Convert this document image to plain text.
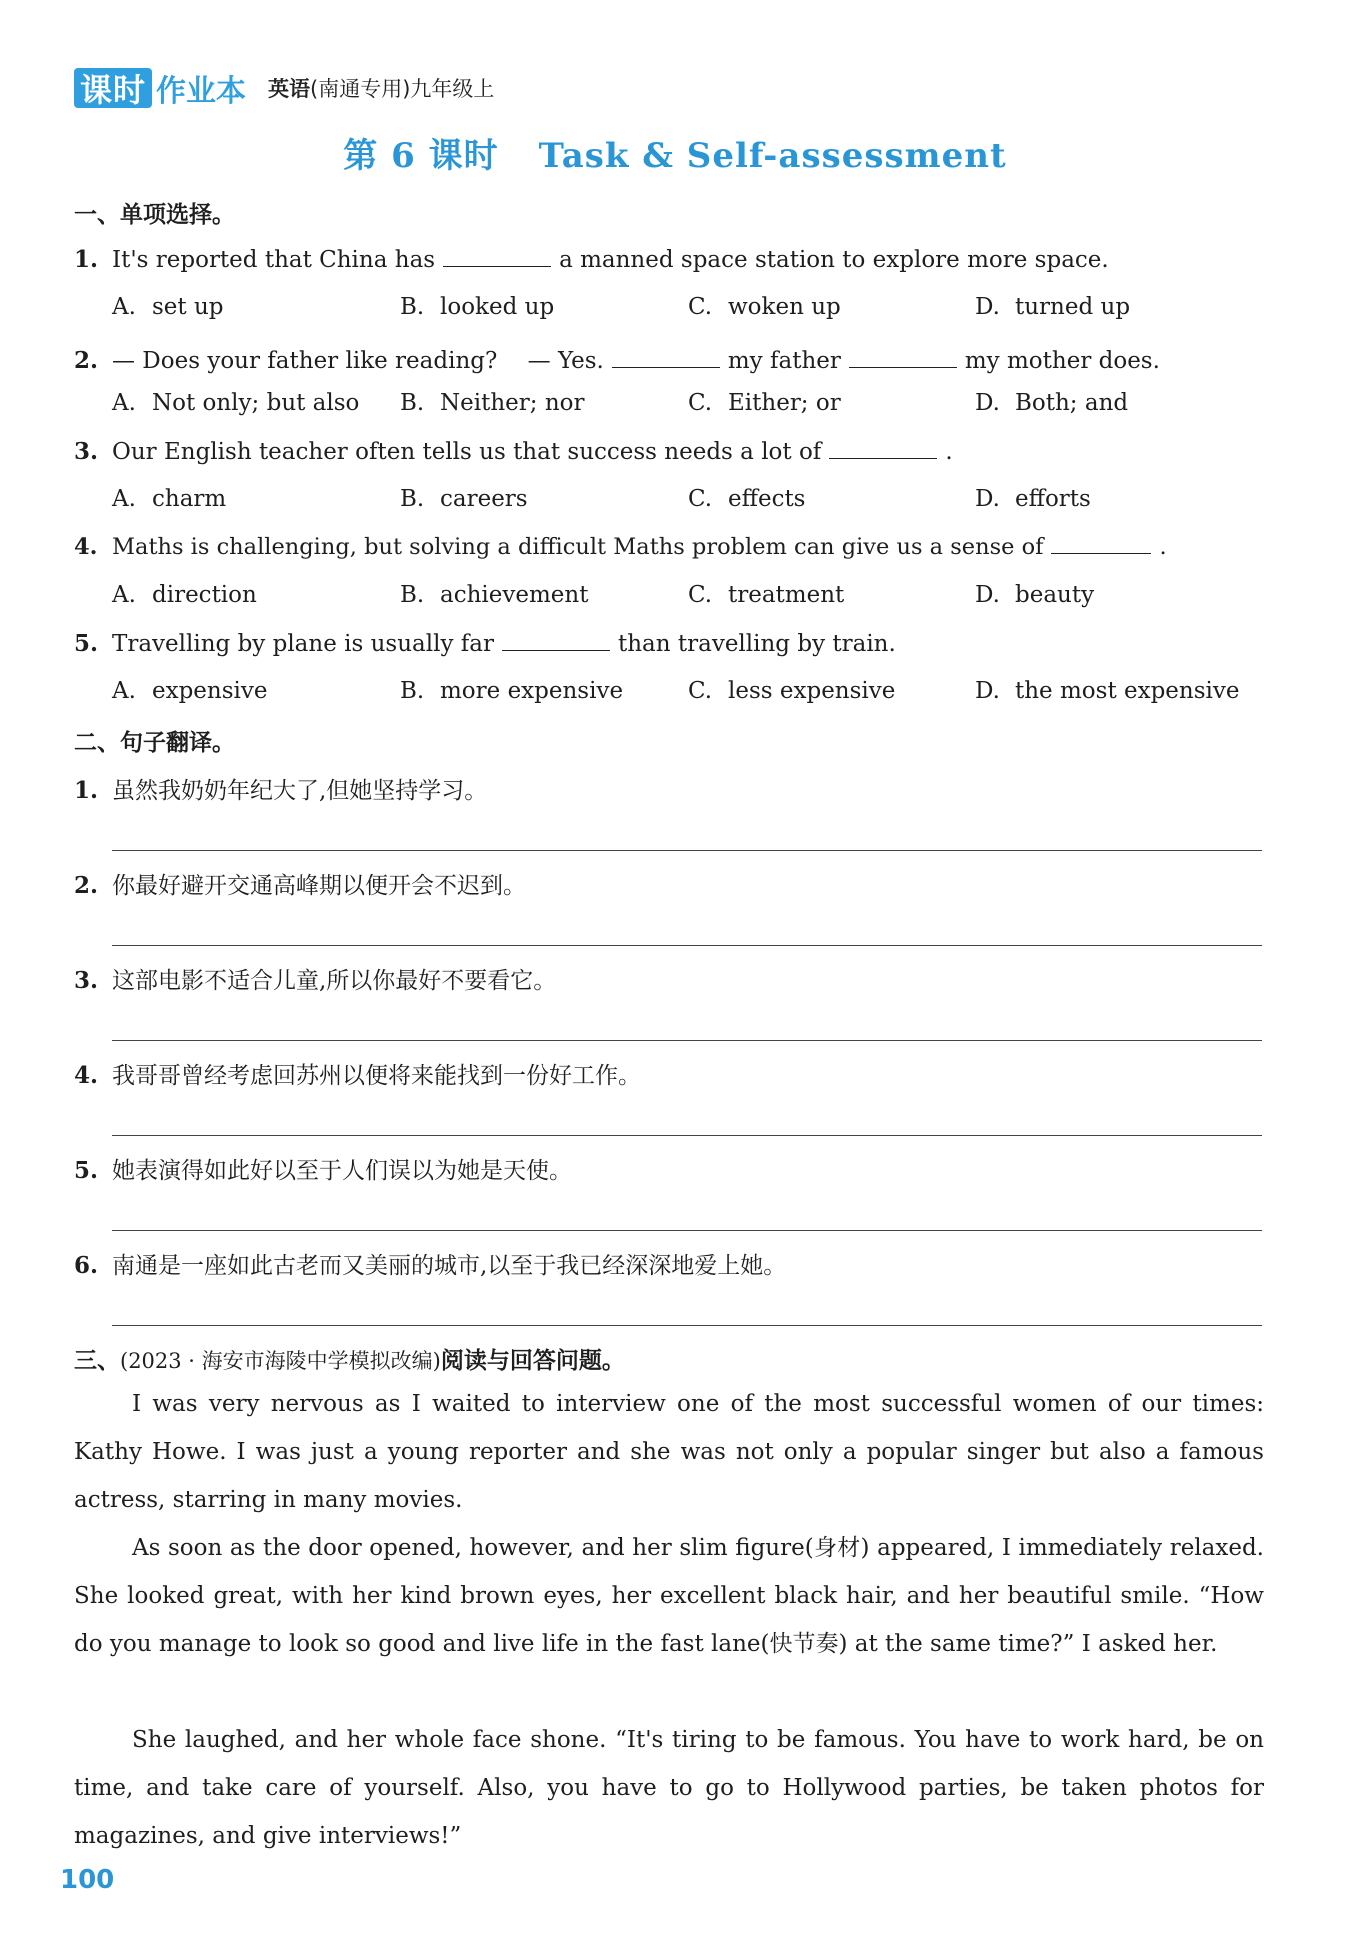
课时 作业本 英语(南通专用)九年级上
第 6 课时 Task & Self-assessment
一、单项选择。
1. It's reported that China has	a manned space station to explore more space.
A. set up	B. looked up	C. woken up	D. turned up
2. — Does your father like reading?　 — Yes.	my father	my mother does.
A. Not only; but also B. Neither; nor	C. Either; or	D. Both; and
3. Our English teacher often tells us that success needs a lot of	.
A. charm	B. careers	C. effects	D. efforts
4. Maths is challenging, but solving a difficult Maths problem can give us a sense of	.
A. direction	B. achievement	C. treatment	D. beauty
5. Travelling by plane is usually far	than travelling by train.
A. expensive	B. more expensive	C. less expensive	D. the most expensive
二、句子翻译。
1. 虽然我奶奶年纪大了,但她坚持学习。
2. 你最好避开交通高峰期以便开会不迟到。
3. 这部电影不适合儿童,所以你最好不要看它。
4. 我哥哥曾经考虑回苏州以便将来能找到一份好工作。
5. 她表演得如此好以至于人们误以为她是天使。
6. 南通是一座如此古老而又美丽的城市,以至于我已经深深地爱上她。
三、(2023 · 海安市海陵中学模拟改编)阅读与回答问题。

I was very nervous as I waited to interview one of the most successful women of our times: Kathy Howe. I was just a young reporter and she was not only a popular singer but also a famous actress, starring in many movies.

As soon as the door opened, however, and her slim figure(身材) appeared, I immediately relaxed. She looked great, with her kind brown eyes, her excellent black hair, and her beautiful smile. “How do you manage to look so good and live life in the fast lane(快节奏) at the same time?” I asked her.

She laughed, and her whole face shone. “It's tiring to be famous. You have to work hard, be on time, and take care of yourself. Also, you have to go to Hollywood parties, be taken photos for magazines, and give interviews!”

100
